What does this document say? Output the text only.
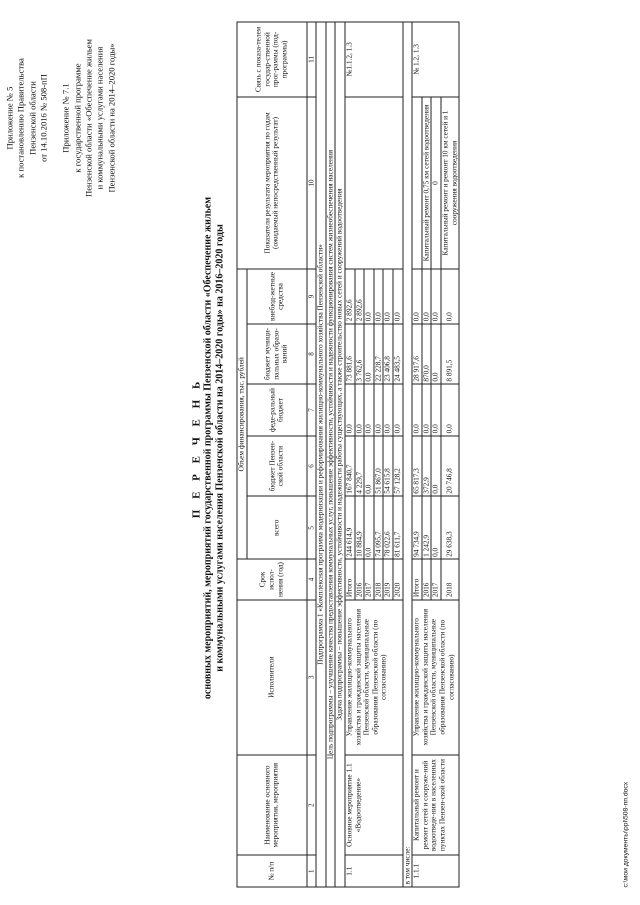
Приложение № 5 к постановлению Правительства Пензенской области от 14.10.2016 № 508-пП
Приложение № 7.1 к государственной программе Пензенской области «Обеспечение жильем и коммунальными услугами населения Пензенской области на 2014–2020 годы»
П Е Р Е Ч Е Н Ь основных мероприятий, мероприятий государственной программы Пензенской области «Обеспечение жильем и коммунальными услугами населения Пензенской области на 2014–2020 годы» на 2016–2020 годы
№ п/п	Наименование основного мероприятия, мероприятия	Исполнители	Срок испол-нения (год)	Объем финансирования, тыс. рублей					Показатели результата мероприятия по годам (ожидаемый непосредственный результат)	Связь с показа-телем государ-ственной прог-раммы (под-программы)
				всего	бюджет Пензен-ской области	феде-ральный бюджет	бюджет муници-пальных образо-ваний	внебюд-жетные средства		
1	2	3	4	5	6	7	8	9	10	11
Подпрограмма 1 «Комплексная программа модернизации и реформирования жилищно-коммунального хозяйства Пензенской области»										
Цель подпрограммы – улучшение качества предоставления коммунальных услуг, повышение эффективности, устойчивости и надежности функционирования систем жизнеобеспечения населения										
Задача подпрограммы – повышение эффективности, устойчивости и надежности работы существующих, а также строительство новых сетей и сооружений водоотведения										
1.1	Основное мероприятие 1.1 «Водоотведение»	Управление жилищно-коммунального хозяйства и гражданской защиты населения Пензенской области, муниципальные образования Пензенской области (по согласованию)	Итого	244 614,9	167 840,7	0,0	73 881,6	2 892,6		№1.1.2, 1.3
			2016	10 884,9	4 229,7	0,0	3 762,6	2 892,6		
			2017	0,0	0,0	0,0	0,0	0,0		
			2018	74 095,7	51 867,0	0,0	22 228,7	0,0		
			2019	78 022,6	54 615,8	0,0	23 406,8	0,0		
			2020	81 611,7	57 128,2	0,0	24 483,5	0,0		
в том числе:										
1.1.1	Капитальный ремонт и ремонт сетей и сооруже-ний водоотведе-ния в населенных пунктах Пензен-ской области	Управление жилищно-коммунального хозяйства и гражданской защиты населения Пензенской области, муниципальные образования Пензенской области (по согласованию)	Итого	94 734,9	65 817,3	0,0	28 917,6	0,0		№ 1.2, 1.3
			2016	1 242,9	372,9	0,0	870,0	0,0	Капитальный ремонт 0,75 км сетей водоотведения	
			2017	0,0	0,0	0,0	0,0	0,0	0	
			2018	29 638,3	20 746,8	0,0	8 891,5	0,0	Капитальный ремонт и ремонт 10 км сетей и 1 сооружения водоотведения	
c:\мои документы\ppl\508-пп.docx
